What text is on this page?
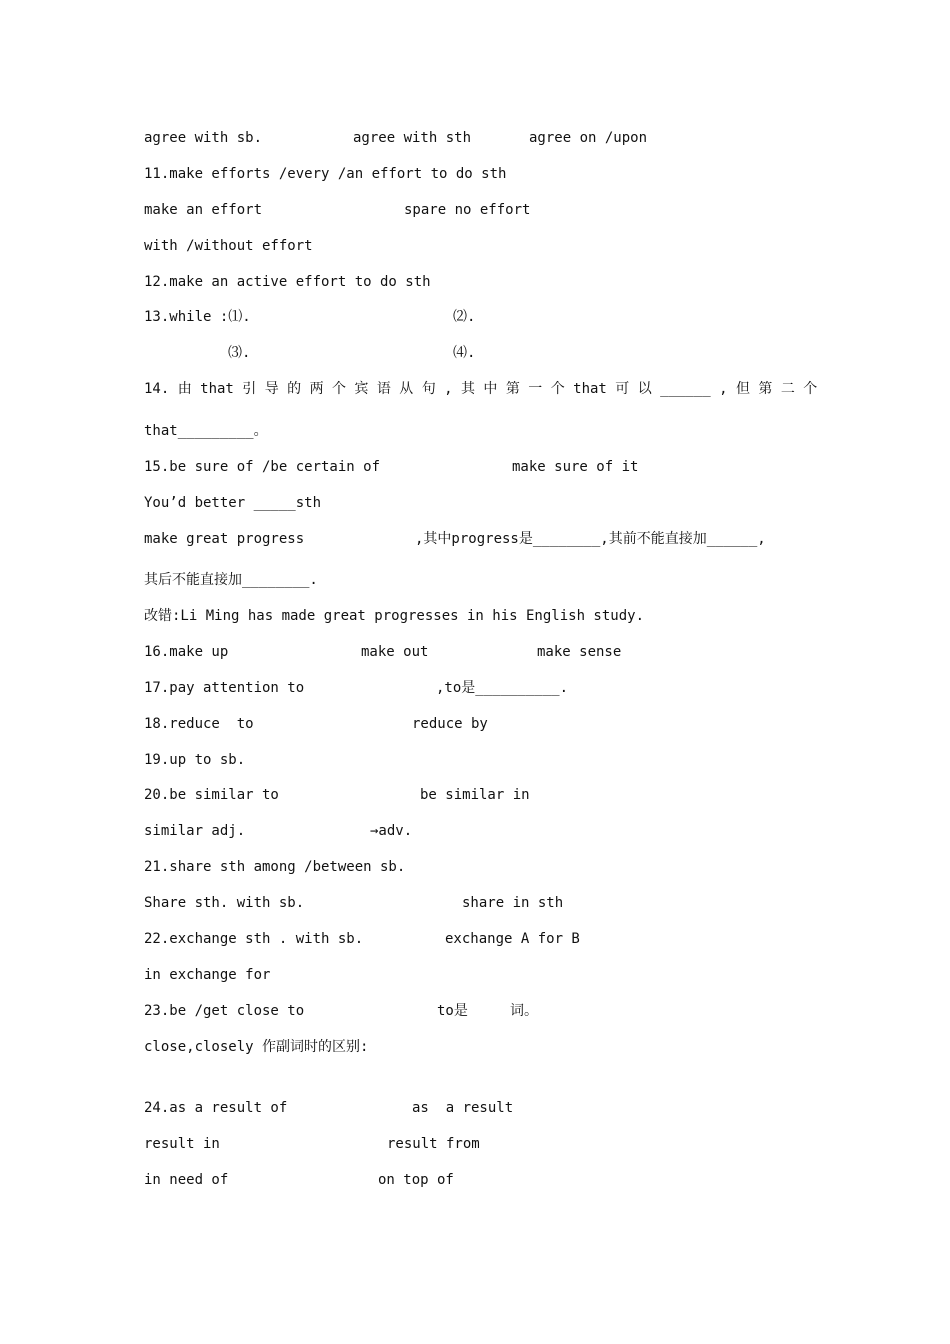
agree with sb.	agree with sth	agree on /upon
11.make efforts /every /an effort to do sth
make an effort	spare no effort
with /without effort
12.make an active effort to do sth
13.while :⑴.	⑵.
⑶.	⑷.
14. 由 that 引 导 的 两 个 宾 语 从 句 , 其 中 第 一 个 that 可 以 ______ , 但 第 二 个
that_________。
15.be sure of /be certain of	make sure of it
You’d better _____sth
make great progress	,其中progress是________,其前不能直接加______,
其后不能直接加________.
改错:Li Ming has made great progresses in his English study.
16.make up	make out	make sense
17.pay attention to	,to是__________.
18.reduce  to	reduce by
19.up to sb.
20.be similar to	be similar in
similar adj.	→adv.
21.share sth among /between sb.
Share sth. with sb.	share in sth
22.exchange sth . with sb.	exchange A for B
in exchange for
23.be /get close to	to是     词。
close,closely 作副词时的区别:
24.as a result of	as  a result
result in	result from
in need of	on top of
